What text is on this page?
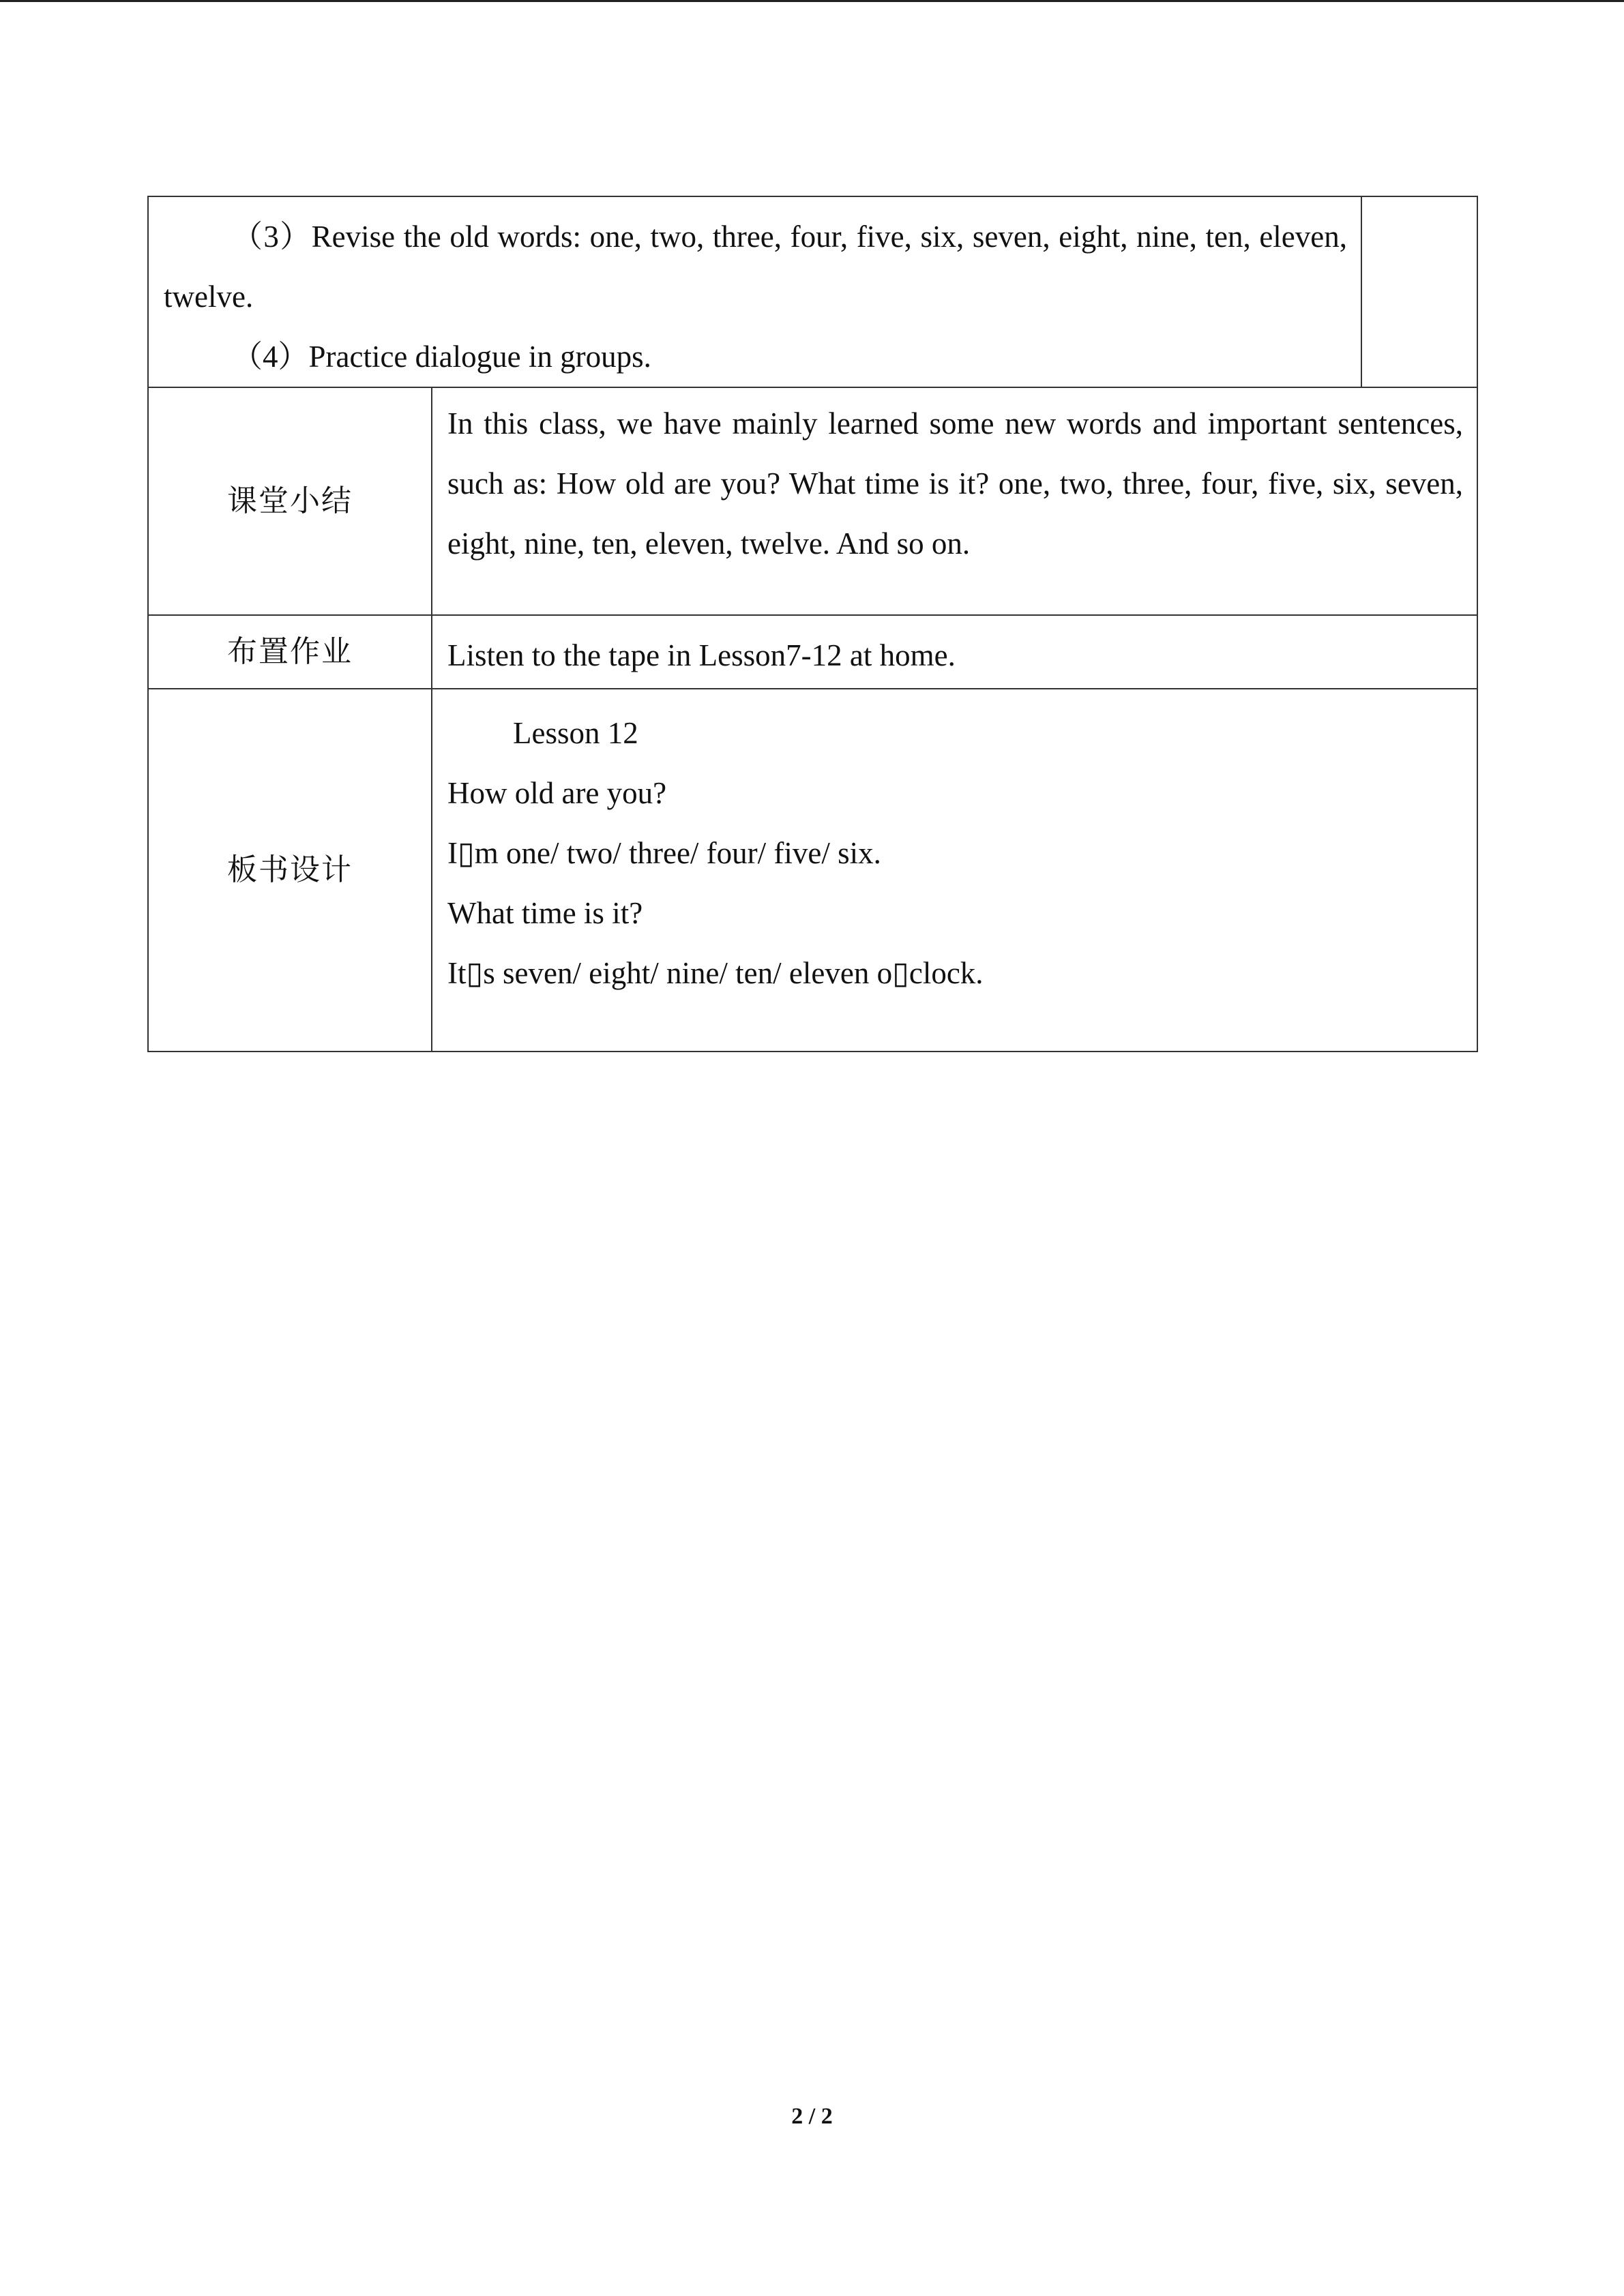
（3）Revise the old words: one, two, three, four, five, six, seven, eight, nine, ten, eleven, twelve.
（4）Practice dialogue in groups.		

课堂小结	In this class, we have mainly learned some new words and important sentences, such as: How old are you? What time is it? one, two, three, four, five, six, seven, eight, nine, ten, eleven, twelve. And so on.	
布置作业	Listen to the tape in Lesson7-12 at home.	
板书设计	Lesson 12
How old are you?
I▯m one/ two/ three/ four/ five/ six.
What time is it?
It▯s seven/ eight/ nine/ ten/ eleven o▯clock.	
2 / 2
